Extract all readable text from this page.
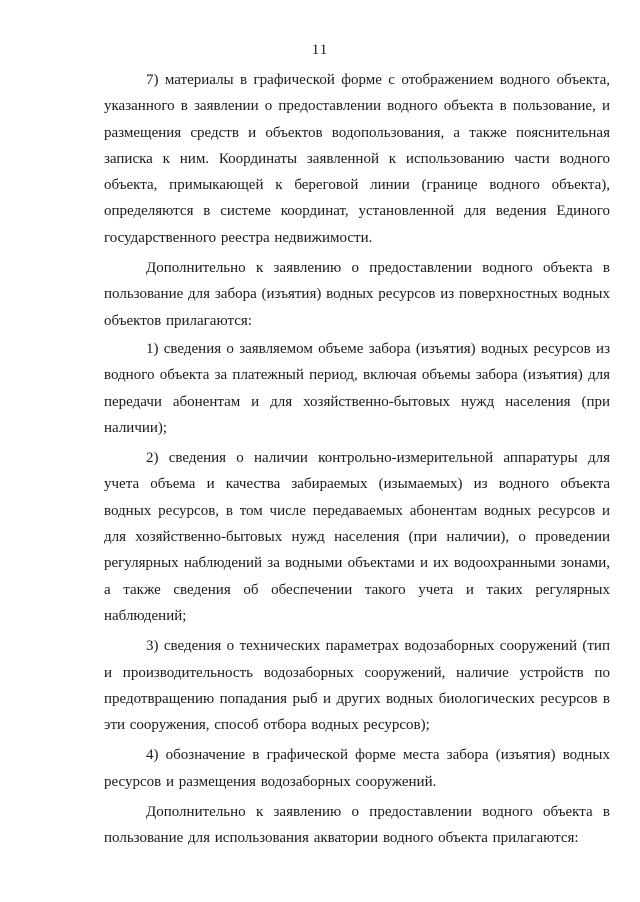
11

7) материалы в графической форме с отображением водного объекта, указанного в заявлении о предоставлении водного объекта в пользование, и размещения средств и объектов водопользования, а также пояснительная записка к ним. Координаты заявленной к использованию части водного объекта, примыкающей к береговой линии (границе водного объекта), определяются в системе координат, установленной для ведения Единого государственного реестра недвижимости.

Дополнительно к заявлению о предоставлении водного объекта в пользование для забора (изъятия) водных ресурсов из поверхностных водных объектов прилагаются:

1) сведения о заявляемом объеме забора (изъятия) водных ресурсов из водного объекта за платежный период, включая объемы забора (изъятия) для передачи абонентам и для хозяйственно-бытовых нужд населения (при наличии);

2) сведения о наличии контрольно-измерительной аппаратуры для учета объема и качества забираемых (изымаемых) из водного объекта водных ресурсов, в том числе передаваемых абонентам водных ресурсов и для хозяйственно-бытовых нужд населения (при наличии), о проведении регулярных наблюдений за водными объектами и их водоохранными зонами, а также сведения об обеспечении такого учета и таких регулярных наблюдений;

3) сведения о технических параметрах водозаборных сооружений (тип и производительность водозаборных сооружений, наличие устройств по предотвращению попадания рыб и других водных биологических ресурсов в эти сооружения, способ отбора водных ресурсов);

4) обозначение в графической форме места забора (изъятия) водных ресурсов и размещения водозаборных сооружений.

Дополнительно к заявлению о предоставлении водного объекта в пользование для использования акватории водного объекта прилагаются:
